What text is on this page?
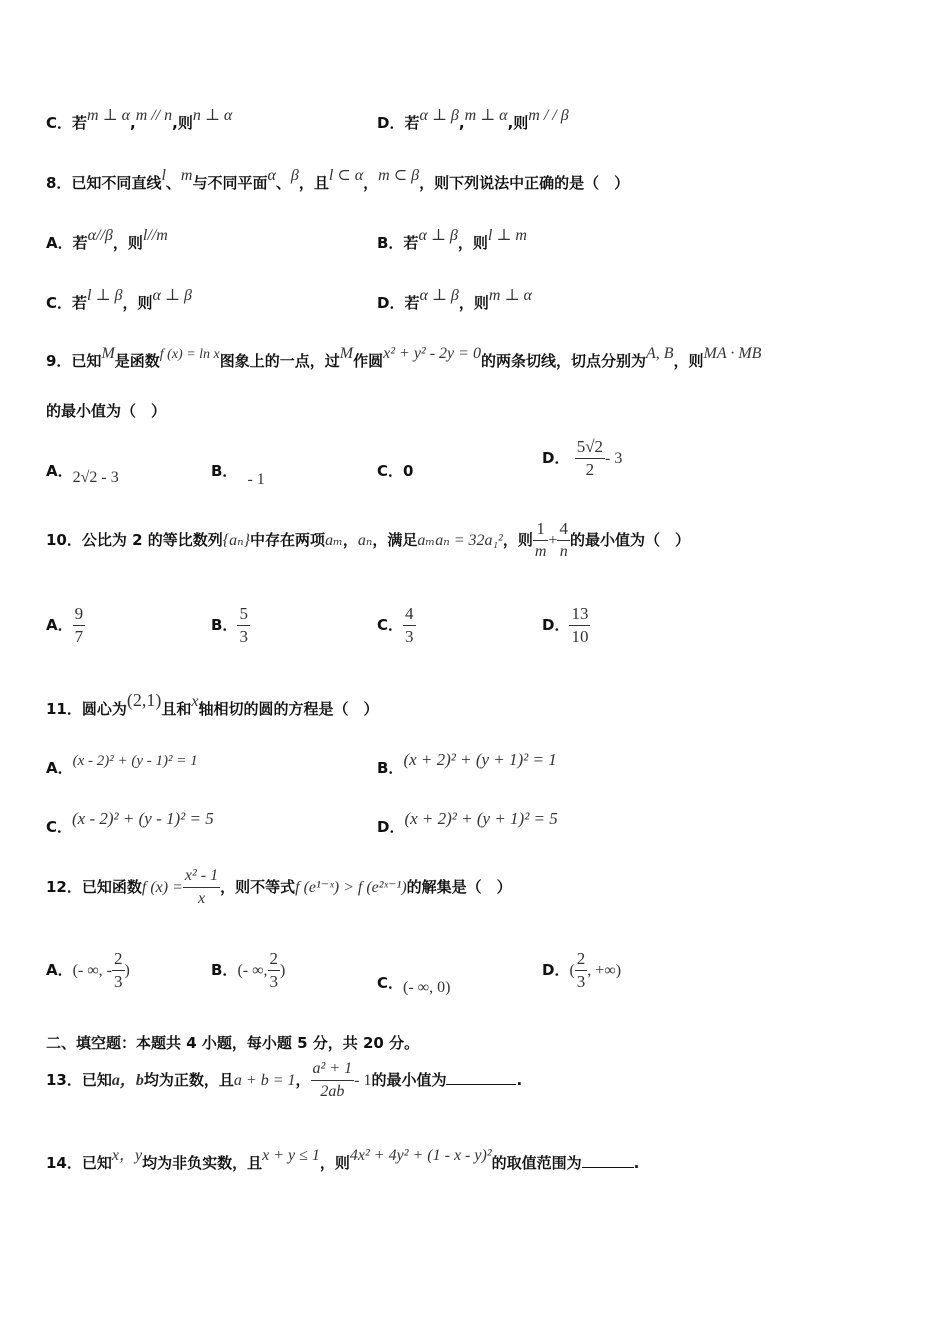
C．若m ⊥ α,m // n,则n ⊥ α	D．若α ⊥ β,m ⊥ α,则m / / β
8．已知不同直线l、m与不同平面α、β，且l ⊂ α，m ⊂ β，则下列说法中正确的是（　）
A．若α//β，则l//m	B．若α ⊥ β，则l ⊥ m
C．若l ⊥ β，则α ⊥ β	D．若α ⊥ β，则m ⊥ α
9．已知M是函数f (x) = ln x图象上的一点，过M作圆x² + y² - 2y = 0的两条切线，切点分别为A, B，则MA · MB
的最小值为（　）
A．2√2 - 3	B． - 1	C．0
D． $\frac{5√2}{2} - 3$
10．公比为 2 的等比数列{aₙ}中存在两项aₘ，aₙ，满足aₘaₙ = 32a₁²，则 $\frac{1}{m} + \frac{4}{n}$ 的最小值为（　）
A． $\frac{9}{7}$	B． $\frac{5}{3}$	C． $\frac{4}{3}$	D． $\frac{13}{10}$
11．圆心为(2,1)且和x轴相切的圆的方程是（　）
A．(x - 2)² + (y - 1)² = 1	B．(x + 2)² + (y + 1)² = 1
C．(x - 2)² + (y - 1)² = 5	D．(x + 2)² + (y + 1)² = 5
12．已知函数f $(x) = \frac{\text{x² - 1}}{x}$ ，则不等式f (e¹⁻ˣ) > f (e²ˣ⁻¹)的解集是（　）
A．(- ∞, - $\frac{2}{3}$ )	B．(- ∞, $\frac{2}{3}$ )
C．(- ∞, 0)
D．( $\frac{2}{3}$ , +∞)
二、填空题：本题共 4 小题，每小题 5 分，共 20 分。
13．已知a，b均为正数，且a + b = 1， $\frac{\text{a² + 1}}{2ab} - 1$的最小值为	.
14．已知x，y均为非负实数，且x + y ≤ 1，则4x² + 4y² + (1 - x - y)²的取值范围为	.
